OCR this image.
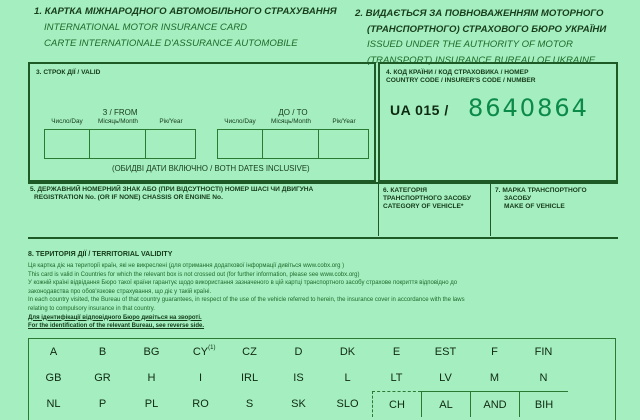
1. КАРТКА МІЖНАРОДНОГО АВТОМОБІЛЬНОГО СТРАХУВАННЯ
INTERNATIONAL MOTOR INSURANCE CARD
CARTE INTERNATIONALE D'ASSURANCE AUTOMOBILE
2. ВИДАЄТЬСЯ ЗА ПОВНОВАЖЕННЯМ МОТОРНОГО
(ТРАНСПОРТНОГО) СТРАХОВОГО БЮРО УКРАЇНИ
ISSUED UNDER THE AUTHORITY OF MOTOR
(TRANSPORT) INSURANCE BUREAU OF UKRAINE
3. СТРОК ДІЇ / VALID
З / FROM
Число/Day	Місяць/Month	Рік/Year
ДО / TO
Число/Day	Місяць/Month	Рік/Year
(ОБИДВІ ДАТИ ВКЛЮЧНО / BOTH DATES INCLUSIVE)
4. КОД КРАЇНИ / КОД СТРАХОВИКА / НОМЕР
COUNTRY CODE / INSURER'S CODE / NUMBER
UA 015 / 8640864
5. ДЕРЖАВНИЙ НОМЕРНИЙ ЗНАК АБО (ПРИ ВІДСУТНОСТІ) НОМЕР ШАСІ ЧИ ДВИГУНА
REGISTRATION No. (OR IF NONE) CHASSIS OR ENGINE No.
6. КАТЕГОРІЯ
ТРАНСПОРТНОГО ЗАСОБУ
CATEGORY OF VEHICLE*
7. МАРКА ТРАНСПОРТНОГО
ЗАСОБУ
MAKE OF VEHICLE
8. ТЕРИТОРІЯ ДІЇ / TERRITORIAL VALIDITY
Ця картка діє на території країн, які не викреслені (для отримання додаткової інформації дивіться www.cobx.org )
This card is valid in Countries for which the relevant box is not crossed out (for further information, please see www.cobx.org)
У кожній країні відвідання Бюро такої країни гарантує щодо використання зазначеного в цій картці транспортного засобу страхове покриття відповідно до
законодавства про обов'язкове страхування, що діє у такій країні.
In each country visited, the Bureau of that country guarantees, in respect of the use of the vehicle referred to herein, the insurance cover in accordance with the laws
relating to compulsory insurance in that country.
Для ідентифікації відповідного Бюро дивіться на звороті.
For the identification of the relevant Bureau, see reverse side.
A	B	BG	CY (1)	CZ	D	DK	E	EST	F	FIN
GB	GR	H	I	IRL	IS	L	LT	LV	M	N
NL	P	PL	RO	S	SK	SLO	CH	AL	AND	BIH
